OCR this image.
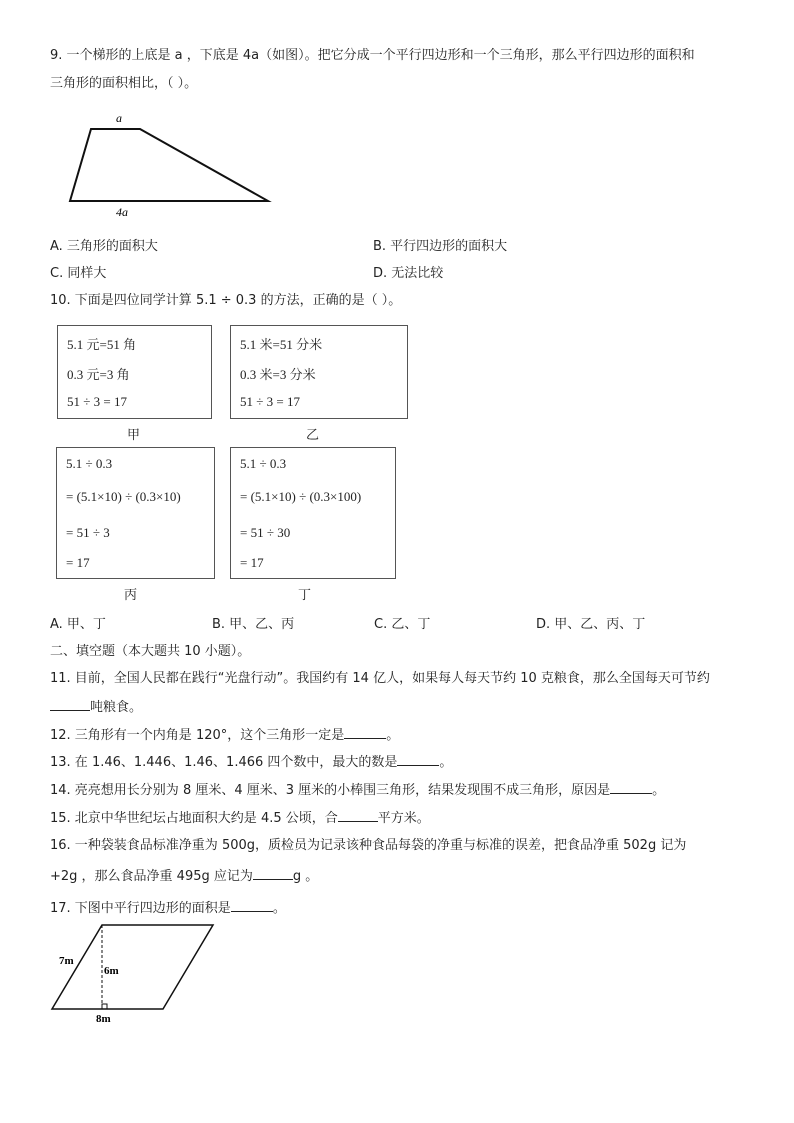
9. 一个梯形的上底是 a ，下底是 4a（如图）。把它分成一个平行四边形和一个三角形，那么平行四边形的面积和
三角形的面积相比，（ ）。
a
4a
A. 三角形的面积大	B. 平行四边形的面积大
C. 同样大	D. 无法比较
10. 下面是四位同学计算 5.1 ÷ 0.3 的方法，正确的是（ ）。
5.1 元=51 角
0.3 元=3 角
51 ÷ 3 = 17
甲
5.1 米=51 分米
0.3 米=3 分米
51 ÷ 3 = 17
乙
5.1 ÷ 0.3
= (5.1×10) ÷ (0.3×10)
= 51 ÷ 3
= 17
丙
5.1 ÷ 0.3
= (5.1×10) ÷ (0.3×100)
= 51 ÷ 30
= 17
丁
A. 甲、丁	B. 甲、乙、丙	C. 乙、丁	D. 甲、乙、丙、丁
二、填空题（本大题共 10 小题）。
11. 目前，全国人民都在践行“光盘行动”。我国约有 14 亿人，如果每人每天节约 10 克粮食，那么全国每天可节约
吨粮食。
12. 三角形有一个内角是 120°，这个三角形一定是	。
13. 在 1.46、1.446、1.46̇、1.466 四个数中，最大的数是	。
14. 亮亮想用长分别为 8 厘米、4 厘米、3 厘米的小棒围三角形，结果发现围不成三角形，原因是	。
15. 北京中华世纪坛占地面积大约是 4.5 公顷，合	平方米。
16. 一种袋装食品标准净重为 500g，质检员为记录该种食品每袋的净重与标准的误差，把食品净重 502g 记为
+2g ，那么食品净重 495g 应记为	g 。
17. 下图中平行四边形的面积是	。
7m
6m
8m
